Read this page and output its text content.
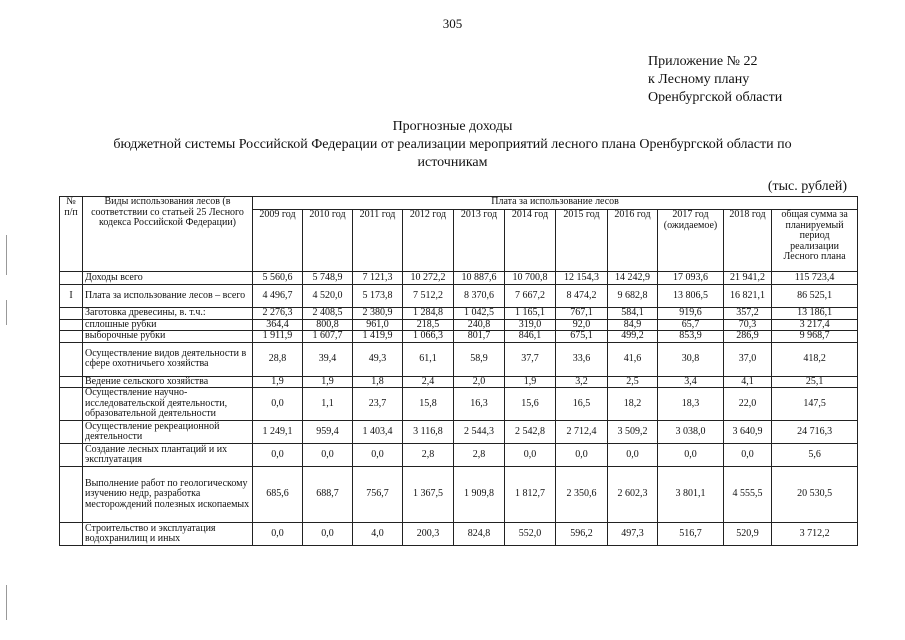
305
Приложение № 22
к Лесному плану
Оренбургской области
Прогнозные доходы
бюджетной системы Российской Федерации от реализации мероприятий лесного плана Оренбургской области по
источникам
(тыс. рублей)
№ п/п	Виды использования лесов (в соответствии со статьей 25 Лесного кодекса Российской Федерации)	Плата за использование лесов										
		2009 год	2010 год	2011 год	2012 год	2013 год	2014 год	2015 год	2016 год	2017 год (ожидаемое)	2018 год	общая сумма за планируемый период реализации Лесного плана
	Доходы всего	5 560,6	5 748,9	7 121,3	10 272,2	10 887,6	10 700,8	12 154,3	14 242,9	17 093,6	21 941,2	115 723,4
I	Плата за использование лесов – всего	4 496,7	4 520,0	5 173,8	7 512,2	8 370,6	7 667,2	8 474,2	9 682,8	13 806,5	16 821,1	86 525,1
	Заготовка древесины, в. т.ч.:	2 276,3	2 408,5	2 380,9	1 284,8	1 042,5	1 165,1	767,1	584,1	919,6	357,2	13 186,1
	сплошные рубки	364,4	800,8	961,0	218,5	240,8	319,0	92,0	84,9	65,7	70,3	3 217,4
	выборочные рубки	1 911,9	1 607,7	1 419,9	1 066,3	801,7	846,1	675,1	499,2	853,9	286,9	9 968,7
	Осуществление видов деятельности в сфере охотничьего хозяйства	28,8	39,4	49,3	61,1	58,9	37,7	33,6	41,6	30,8	37,0	418,2
	Ведение сельского хозяйства	1,9	1,9	1,8	2,4	2,0	1,9	3,2	2,5	3,4	4,1	25,1
	Осуществление научно-исследовательской деятельности, образовательной деятельности	0,0	1,1	23,7	15,8	16,3	15,6	16,5	18,2	18,3	22,0	147,5
	Осуществление рекреационной деятельности	1 249,1	959,4	1 403,4	3 116,8	2 544,3	2 542,8	2 712,4	3 509,2	3 038,0	3 640,9	24 716,3
	Создание лесных плантаций и их эксплуатация	0,0	0,0	0,0	2,8	2,8	0,0	0,0	0,0	0,0	0,0	5,6
	Выполнение работ по геологическому изучению недр, разработка месторождений полезных ископаемых	685,6	688,7	756,7	1 367,5	1 909,8	1 812,7	2 350,6	2 602,3	3 801,1	4 555,5	20 530,5
	Строительство и эксплуатация водохранилищ и иных	0,0	0,0	4,0	200,3	824,8	552,0	596,2	497,3	516,7	520,9	3 712,2
